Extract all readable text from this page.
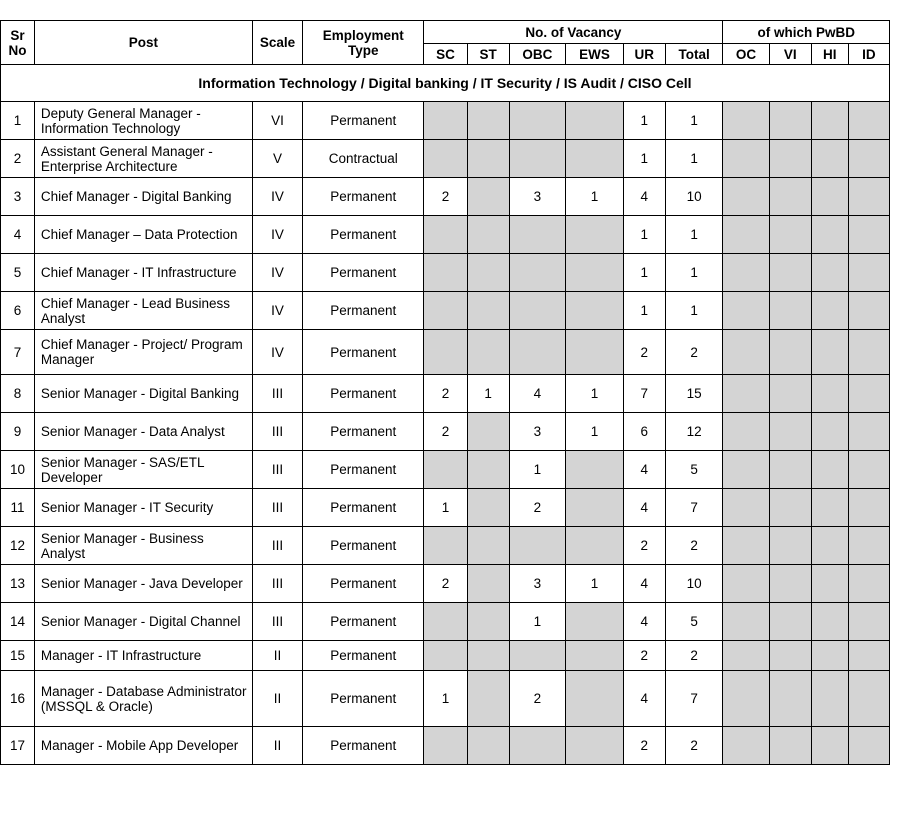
Sr No	Post	Scale	Employment Type	No. of Vacancy						of which PwBD			
				SC	ST	OBC	EWS	UR	Total	OC	VI	HI	ID
Information Technology / Digital banking / IT Security / IS Audit / CISO Cell													
1	Deputy General Manager - Information Technology	VI	Permanent					1	1				
2	Assistant General Manager - Enterprise Architecture	V	Contractual					1	1				
3	Chief Manager - Digital Banking	IV	Permanent	2		3	1	4	10				
4	Chief Manager – Data Protection	IV	Permanent					1	1				
5	Chief Manager - IT Infrastructure	IV	Permanent					1	1				
6	Chief Manager - Lead Business Analyst	IV	Permanent					1	1				
7	Chief Manager - Project/ Program Manager	IV	Permanent					2	2				
8	Senior Manager - Digital Banking	III	Permanent	2	1	4	1	7	15				
9	Senior Manager - Data Analyst	III	Permanent	2		3	1	6	12				
10	Senior Manager - SAS/ETL Developer	III	Permanent			1		4	5				
11	Senior Manager - IT Security	III	Permanent	1		2		4	7				
12	Senior Manager - Business Analyst	III	Permanent					2	2				
13	Senior Manager - Java Developer	III	Permanent	2		3	1	4	10				
14	Senior Manager - Digital Channel	III	Permanent			1		4	5				
15	Manager - IT Infrastructure	II	Permanent					2	2				
16	Manager - Database Administrator (MSSQL & Oracle)	II	Permanent	1		2		4	7				
17	Manager - Mobile App Developer	II	Permanent					2	2				
